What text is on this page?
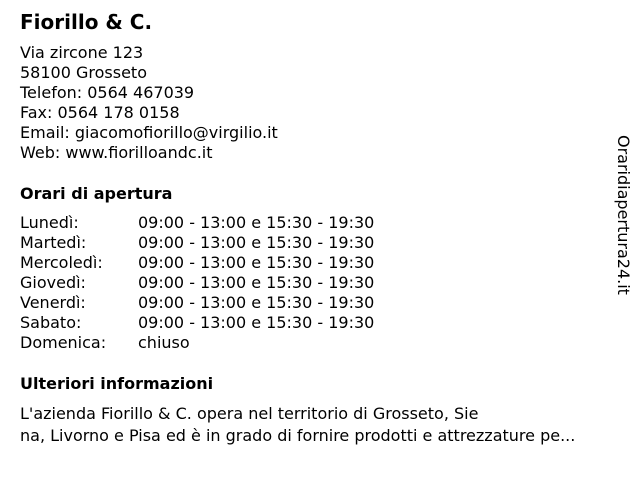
Fiorillo & C.
Via zircone 123
58100 Grosseto
Telefon: 0564 467039
Fax: 0564 178 0158
Email: giacomofiorillo@virgilio.it
Web: www.fiorilloandc.it
Orari di apertura
Lunedì:	09:00 - 13:00 e 15:30 - 19:30
Martedì:	09:00 - 13:00 e 15:30 - 19:30
Mercoledì:	09:00 - 13:00 e 15:30 - 19:30
Giovedì:	09:00 - 13:00 e 15:30 - 19:30
Venerdì:	09:00 - 13:00 e 15:30 - 19:30
Sabato:	09:00 - 13:00 e 15:30 - 19:30
Domenica:	chiuso
Ulteriori informazioni
L'azienda Fiorillo & C. opera nel territorio di Grosseto, Sie
na, Livorno e Pisa ed è in grado di fornire prodotti e attrezzature pe...
Oraridiapertura24.it
